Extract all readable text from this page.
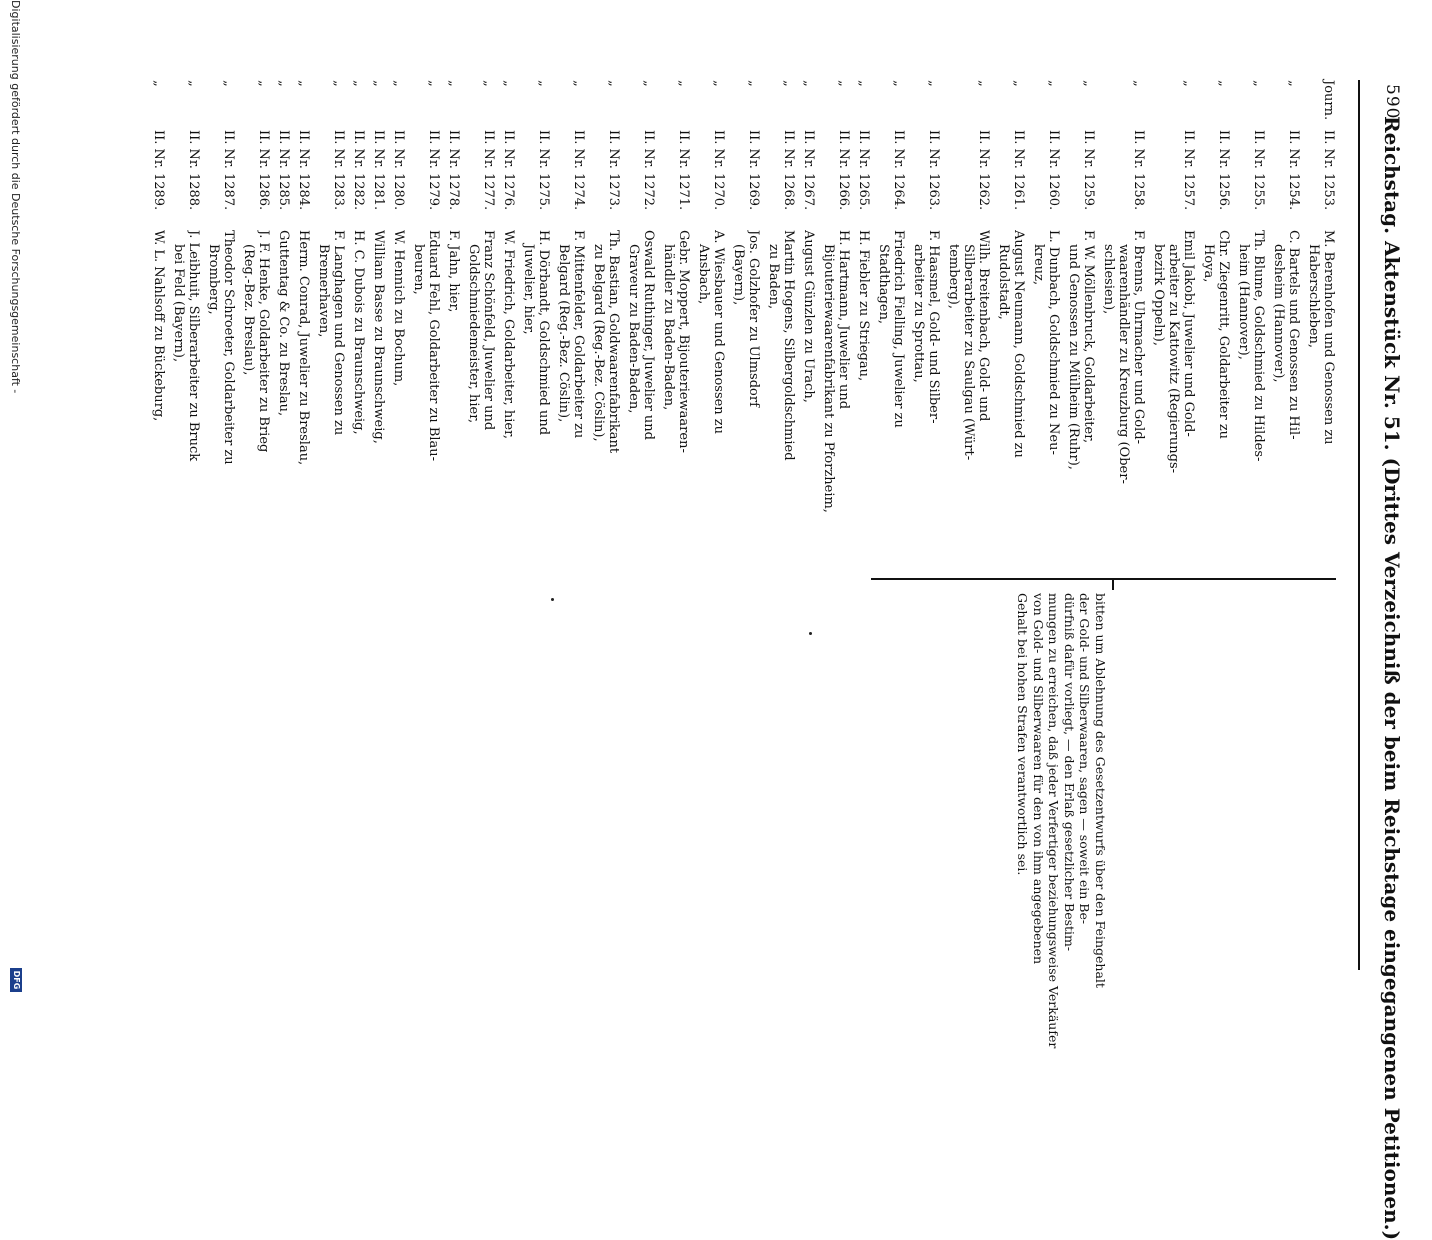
590
Reichstag. Aktenstück Nr. 51. (Drittes Verzeichniß der beim Reichstage eingegangenen Petitionen.)
bitten um Ablehnung des Gesetzentwurfs über den Feingehalt
der Gold- und Silberwaaren, sagen — soweit ein Be-
dürfniß dafür vorliegt, — den Erlaß gesetzlicher Bestim-
mungen zu erreichen, daß jeder Verfertiger beziehungsweise Verkäufer
von Gold- und Silberwaaren für den von ihm angegebenen
Gehalt bei hohen Strafen verantwortlich sei.
Journ.
II. Nr. 1253.
M. Berenhofen und Genossen zu
Haberschleben,
„
II. Nr. 1254.
C. Bartels und Genossen zu Hil-
desheim (Hannover),
„
II. Nr. 1255.
Th. Blume, Goldschmied zu Hildes-
heim (Hannover),
„
II. Nr. 1256.
Chr. Ziegenritt, Goldarbeiter zu
Hoya,
„
II. Nr. 1257.
Emil Jakobi, Juwelier und Gold-
arbeiter zu Kattowitz (Regierungs-
bezirk Oppeln),
„
II. Nr. 1258.
F. Brenns, Uhrmacher und Gold-
waarenhändler zu Kreuzburg (Ober-
schlesien),
„
II. Nr. 1259.
F. W. Möllenbruck, Goldarbeiter,
und Genossen zu Mülheim (Ruhr),
„
II. Nr. 1260.
L. Dunbach, Goldschmied zu Neu-
kreuz,
„
II. Nr. 1261.
August Neumann, Goldschmied zu
Rudolstadt,
„
II. Nr. 1262.
Wilh. Breitenbach, Gold- und
Silberarbeiter zu Saulgau (Würt-
temberg),
„
II. Nr. 1263.
F. Haasmel, Gold- und Silber-
arbeiter zu Sprottau,
„
II. Nr. 1264.
Friedrich Fielling, Juwelier zu
Stadthagen,
„
II. Nr. 1265.
H. Fiebler zu Striegau,
„
II. Nr. 1266.
H. Hartmann, Juwelier und
Bijouteriewaarenfabrikant zu Pforzheim,
„
II. Nr. 1267.
August Günzlen zu Urach,
„
II. Nr. 1268.
Martin Hogens, Silbergoldschmied
zu Baden,
„
II. Nr. 1269.
Jos. Golzhofer zu Ulmsdorf
(Bayern),
„
II. Nr. 1270.
A. Wiesbauer und Genossen zu
Ansbach,
„
II. Nr. 1271.
Gebr. Moppert, Bijouteriewaaren-
händler zu Baden-Baden,
„
II. Nr. 1272.
Oswald Ruthinger, Juwelier und
Graveur zu Baden-Baden,
„
II. Nr. 1273.
Th. Bastian, Goldwaarenfabrikant
zu Belgard (Reg.-Bez. Cöslin),
„
II. Nr. 1274.
F. Mittenfelder, Goldarbeiter zu
Belgard (Reg.-Bez. Cöslin),
„
II. Nr. 1275.
H. Dörbandt, Goldschmied und
Juwelier, hier,
„
II. Nr. 1276.
W. Friedrich, Goldarbeiter, hier,
„
II. Nr. 1277.
Franz Schönfeld, Juwelier und
Goldschmiedemeister, hier,
„
II. Nr. 1278.
F. Jahn, hier,
„
II. Nr. 1279.
Eduard Fehl, Goldarbeiter zu Blau-
beuren,
„
II. Nr. 1280.
W. Hennich zu Bochum,
„
II. Nr. 1281.
William Basse zu Braunschweig,
„
II. Nr. 1282.
H. C. Dubois zu Braunschweig,
„
II. Nr. 1283.
F. Langhagen und Genossen zu
Bremerhaven,
„
II. Nr. 1284.
Herm. Conrad, Juwelier zu Breslau,
„
II. Nr. 1285.
Guttentag & Co. zu Breslau,
„
II. Nr. 1286.
J. F. Henke, Goldarbeiter zu Brieg
(Reg.-Bez. Breslau),
„
II. Nr. 1287.
Theodor Schroeter, Goldarbeiter zu
Bromberg,
„
II. Nr. 1288.
J. Leibhuit, Silberarbeiter zu Bruck
bei Feld (Bayern),
„
II. Nr. 1289.
W. L. Nahlsoff zu Bückeburg,
Digitalisierung gefördert durch die Deutsche Forschungsgemeinschaft -
DFG
